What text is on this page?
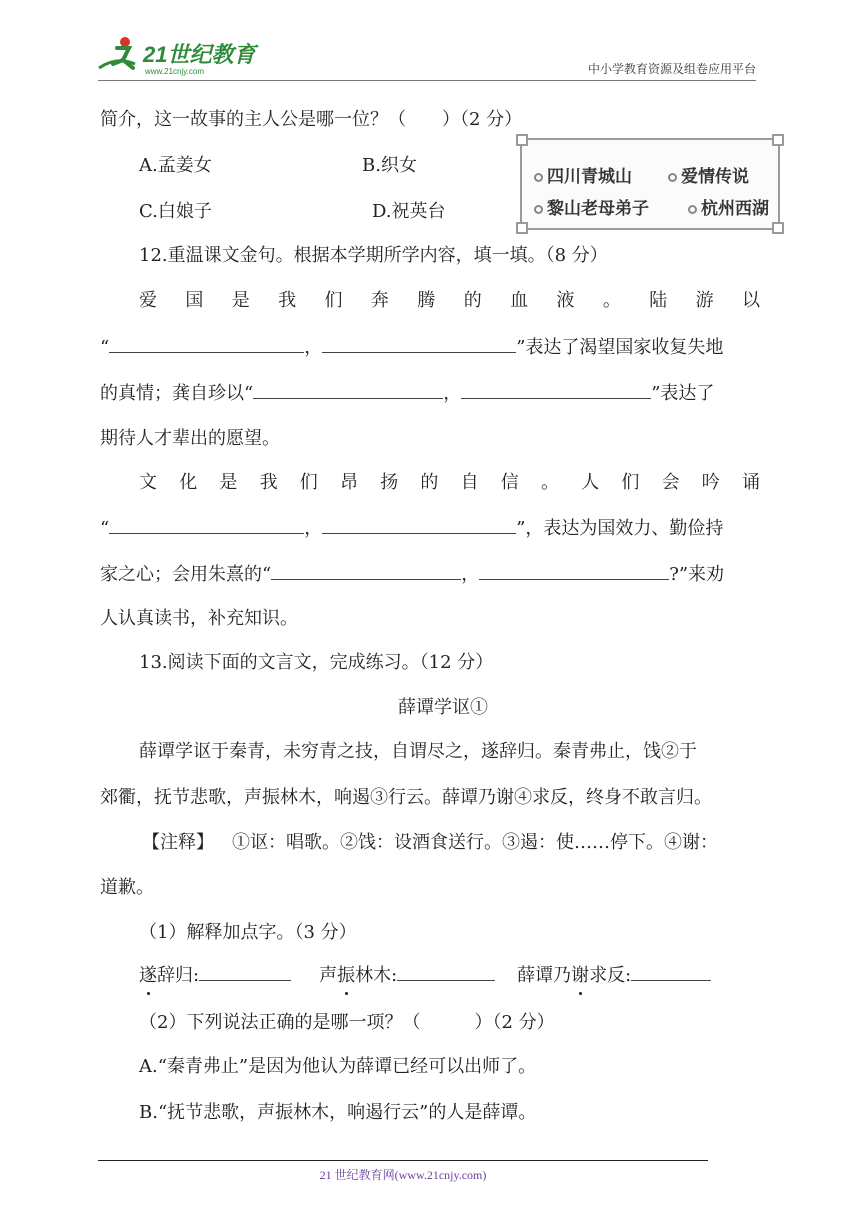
21世纪教育
www.21cnjy.com	中小学教育资源及组卷应用平台
简介，这一故事的主人公是哪一位？（　　）（2 分）
A.孟姜女	B.织女
C.白娘子	D.祝英台
四川青城山	爱情传说
黎山老母弟子	杭州西湖
12.重温课文金句。根据本学期所学内容，填一填。（8 分）
爱国是我们奔腾的血液。陆游以
“	，	”表达了渴望国家收复失地
的真情；龚自珍以“	，	”表达了
期待人才辈出的愿望。
文化是我们昂扬的自信。人们会吟诵
“	，	”，表达为国效力、勤俭持
家之心；会用朱熹的“	，	?”来劝
人认真读书，补充知识。
13.阅读下面的文言文，完成练习。（12 分）
薛谭学讴①
薛谭学讴于秦青，未穷青之技，自谓尽之，遂辞归。秦青弗止，饯②于
郊衢，抚节悲歌，声振林木，响遏③行云。薛谭乃谢④求反，终身不敢言归。
【注释】 ①讴：唱歌。②饯：设酒食送行。③遏：使……停下。④谢：
道歉。
（1）解释加点字。（3 分）
遂辞归:	声振林木:	薛谭乃谢求反:
（2）下列说法正确的是哪一项？（　　　）（2 分）
A.“秦青弗止”是因为他认为薛谭已经可以出师了。
B.“抚节悲歌，声振林木，响遏行云”的人是薛谭。
21 世纪教育网(www.21cnjy.com)
